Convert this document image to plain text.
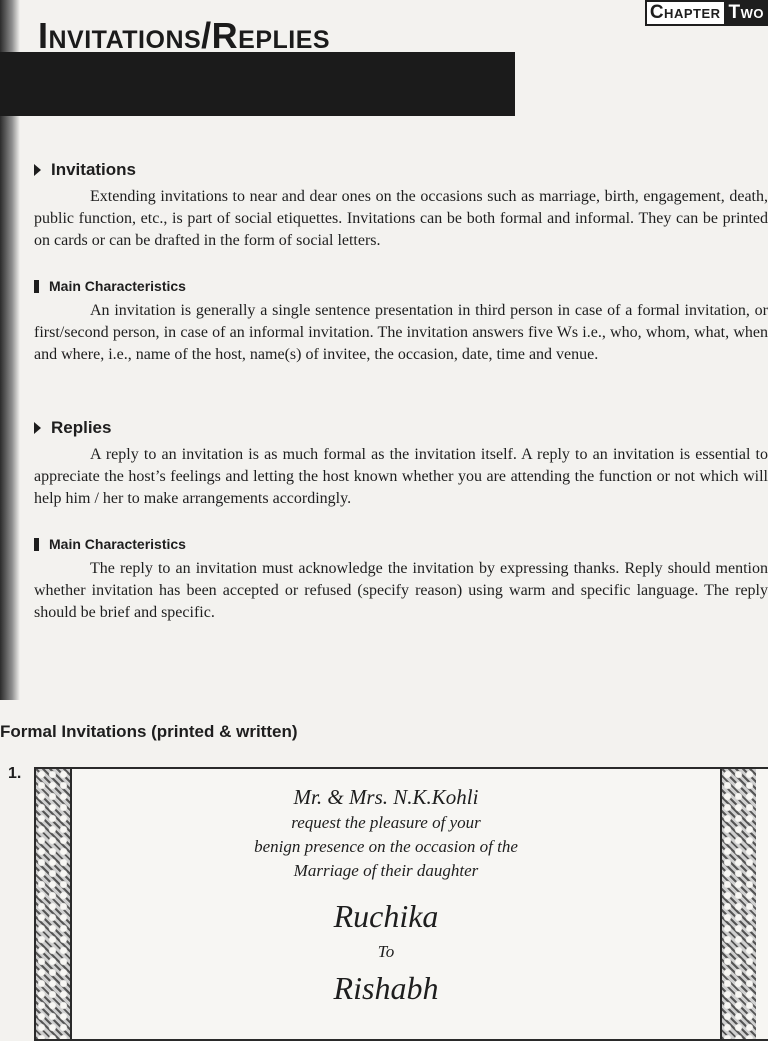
Chapter Two
Invitations/Replies
Invitations

Extending invitations to near and dear ones on the occasions such as marriage, birth, engagement, death, public function, etc., is part of social etiquettes. Invitations can be both formal and informal. They can be printed on cards or can be drafted in the form of social letters.

Main Characteristics

An invitation is generally a single sentence presentation in third person in case of a formal invitation, or first/second person, in case of an informal invitation. The invitation answers five Ws i.e., who, whom, what, when and where, i.e., name of the host, name(s) of invitee, the occasion, date, time and venue.

Replies

A reply to an invitation is as much formal as the invitation itself. A reply to an invitation is essential to appreciate the host’s feelings and letting the host known whether you are attending the function or not which will help him / her to make arrangements accordingly.

Main Characteristics

The reply to an invitation must acknowledge the invitation by expressing thanks. Reply should mention whether invitation has been accepted or refused (specify reason) using warm and specific language. The reply should be brief and specific.

Formal Invitations (printed & written)
1.
Mr. & Mrs. N.K.Kohli
request the pleasure of your
benign presence on the occasion of the
Marriage of their daughter
Ruchika
To
Rishabh
